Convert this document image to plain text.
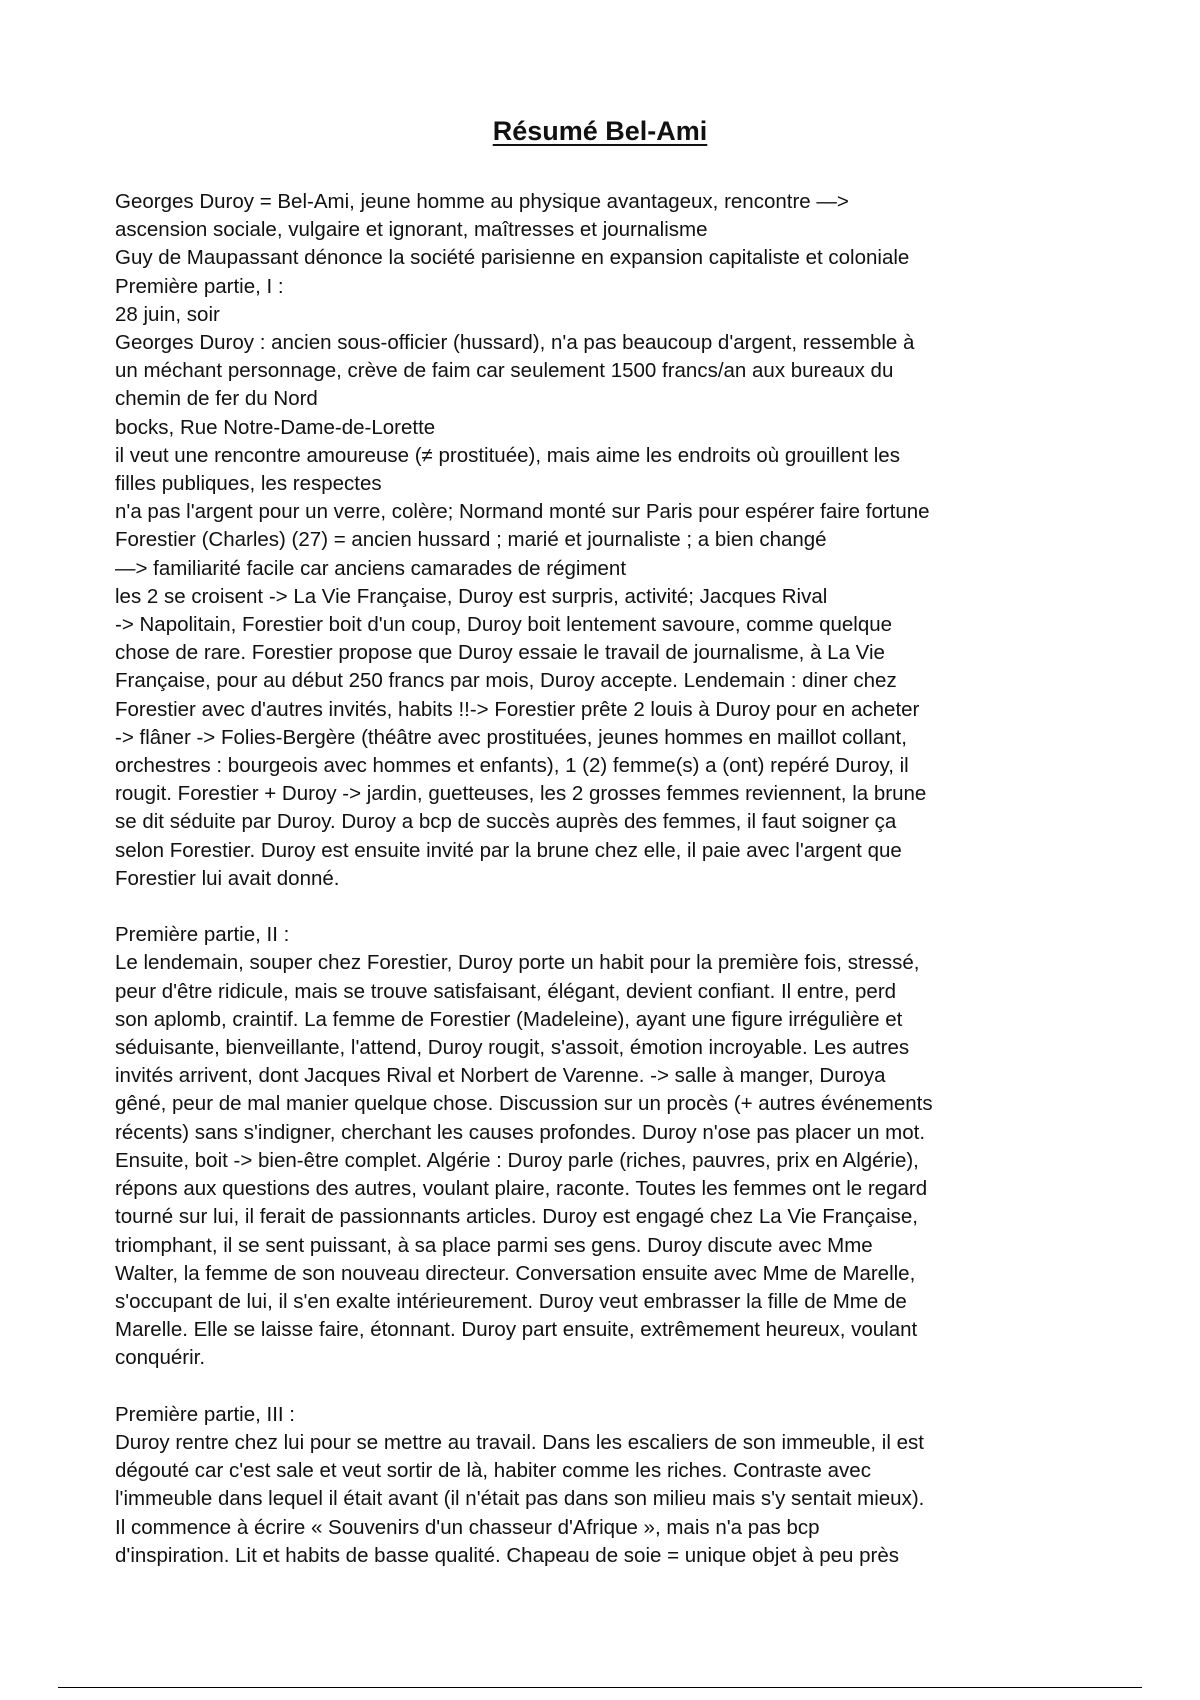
Résumé Bel-Ami
Georges Duroy = Bel-Ami, jeune homme au physique avantageux, rencontre —>
ascension sociale, vulgaire et ignorant, maîtresses et journalisme
Guy de Maupassant dénonce la société parisienne en expansion capitaliste et coloniale
Première partie, I :
28 juin, soir
Georges Duroy : ancien sous-officier (hussard), n'a pas beaucoup d'argent, ressemble à
un méchant personnage, crève de faim car seulement 1500 francs/an aux bureaux du
chemin de fer du Nord
bocks, Rue Notre-Dame-de-Lorette
il veut une rencontre amoureuse (≠ prostituée), mais aime les endroits où grouillent les
filles publiques, les respectes
n'a pas l'argent pour un verre, colère; Normand monté sur Paris pour espérer faire fortune
Forestier (Charles) (27) = ancien hussard ; marié et journaliste ; a bien changé
—> familiarité facile car anciens camarades de régiment
les 2 se croisent -> La Vie Française, Duroy est surpris, activité; Jacques Rival
-> Napolitain, Forestier boit d'un coup, Duroy boit lentement savoure, comme quelque
chose de rare. Forestier propose que Duroy essaie le travail de journalisme, à La Vie
Française, pour au début 250 francs par mois, Duroy accepte. Lendemain : diner chez
Forestier avec d'autres invités, habits !!-> Forestier prête 2 louis à Duroy pour en acheter
-> flâner -> Folies-Bergère (théâtre avec prostituées, jeunes hommes en maillot collant,
orchestres : bourgeois avec hommes et enfants), 1 (2) femme(s) a (ont) repéré Duroy, il
rougit. Forestier + Duroy -> jardin, guetteuses, les 2 grosses femmes reviennent, la brune
se dit séduite par Duroy. Duroy a bcp de succès auprès des femmes, il faut soigner ça
selon Forestier. Duroy est ensuite invité par la brune chez elle, il paie avec l'argent que
Forestier lui avait donné.
Première partie, II :
Le lendemain, souper chez Forestier, Duroy porte un habit pour la première fois, stressé,
peur d'être ridicule, mais se trouve satisfaisant, élégant, devient confiant. Il entre, perd
son aplomb, craintif. La femme de Forestier (Madeleine), ayant une figure irrégulière et
séduisante, bienveillante, l'attend, Duroy rougit, s'assoit, émotion incroyable. Les autres
invités arrivent, dont Jacques Rival et Norbert de Varenne. -> salle à manger, Duroya
gêné, peur de mal manier quelque chose. Discussion sur un procès (+ autres événements
récents) sans s'indigner, cherchant les causes profondes. Duroy n'ose pas placer un mot.
Ensuite, boit -> bien-être complet. Algérie : Duroy parle (riches, pauvres, prix en Algérie),
répons aux questions des autres, voulant plaire, raconte. Toutes les femmes ont le regard
tourné sur lui, il ferait de passionnants articles. Duroy est engagé chez La Vie Française,
triomphant, il se sent puissant, à sa place parmi ses gens. Duroy discute avec Mme
Walter, la femme de son nouveau directeur. Conversation ensuite avec Mme de Marelle,
s'occupant de lui, il s'en exalte intérieurement. Duroy veut embrasser la fille de Mme de
Marelle. Elle se laisse faire, étonnant. Duroy part ensuite, extrêmement heureux, voulant
conquérir.
Première partie, III :
Duroy rentre chez lui pour se mettre au travail. Dans les escaliers de son immeuble, il est
dégouté car c'est sale et veut sortir de là, habiter comme les riches. Contraste avec
l'immeuble dans lequel il était avant (il n'était pas dans son milieu mais s'y sentait mieux).
Il commence à écrire « Souvenirs d'un chasseur d'Afrique », mais n'a pas bcp
d'inspiration. Lit et habits de basse qualité. Chapeau de soie = unique objet à peu près
